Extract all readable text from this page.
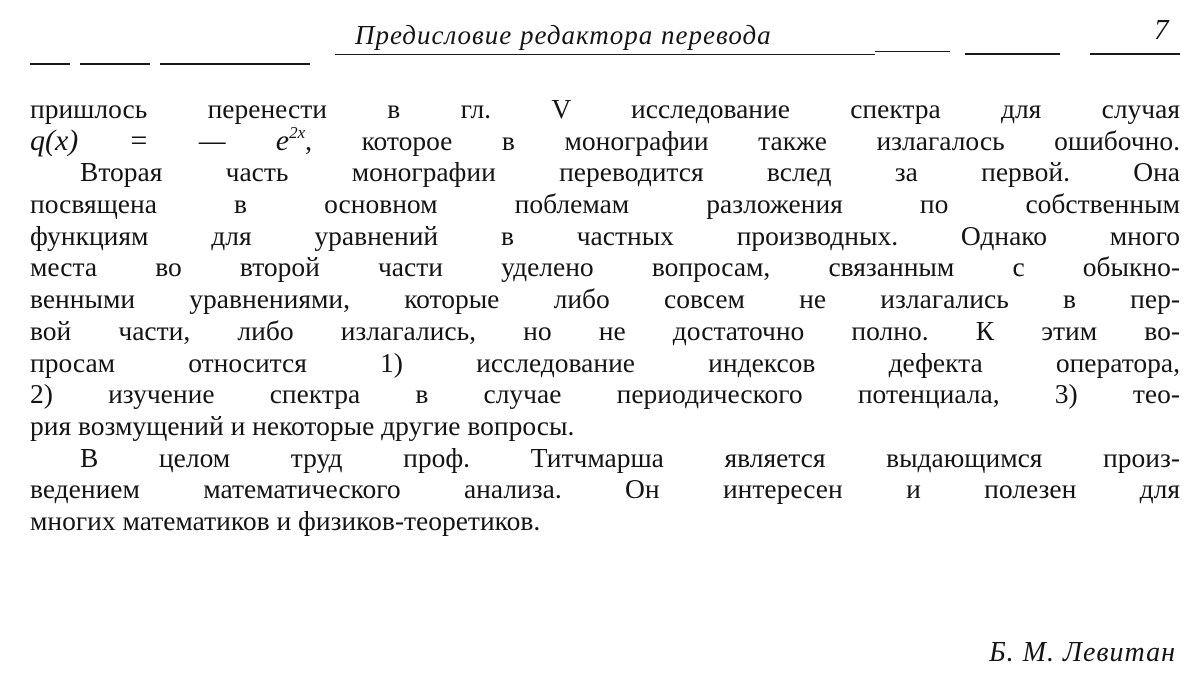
Предисловие редактора перевода	7
пришлось перенести в гл. V исследование спектра для случая
q(x) = — $e^{2x}$, которое в монографии также излагалось ошибочно.
Вторая часть монографии переводится вслед за первой. Она
посвящена в основном поблемам разложения по собственным
функциям для уравнений в частных производных. Однако много
места во второй части уделено вопросам, связанным с обыкно-
венными уравнениями, которые либо совсем не излагались в пер-
вой части, либо излагались, но не достаточно полно. К этим во-
просам относится 1) исследование индексов дефекта оператора,
2) изучение спектра в случае периодического потенциала, 3) тео-
рия возмущений и некоторые другие вопросы.
В целом труд проф. Титчмарша является выдающимся произ-
ведением математического анализа. Он интересен и полезен для
многих математиков и физиков-теоретиков.
Б. М. Левитан
